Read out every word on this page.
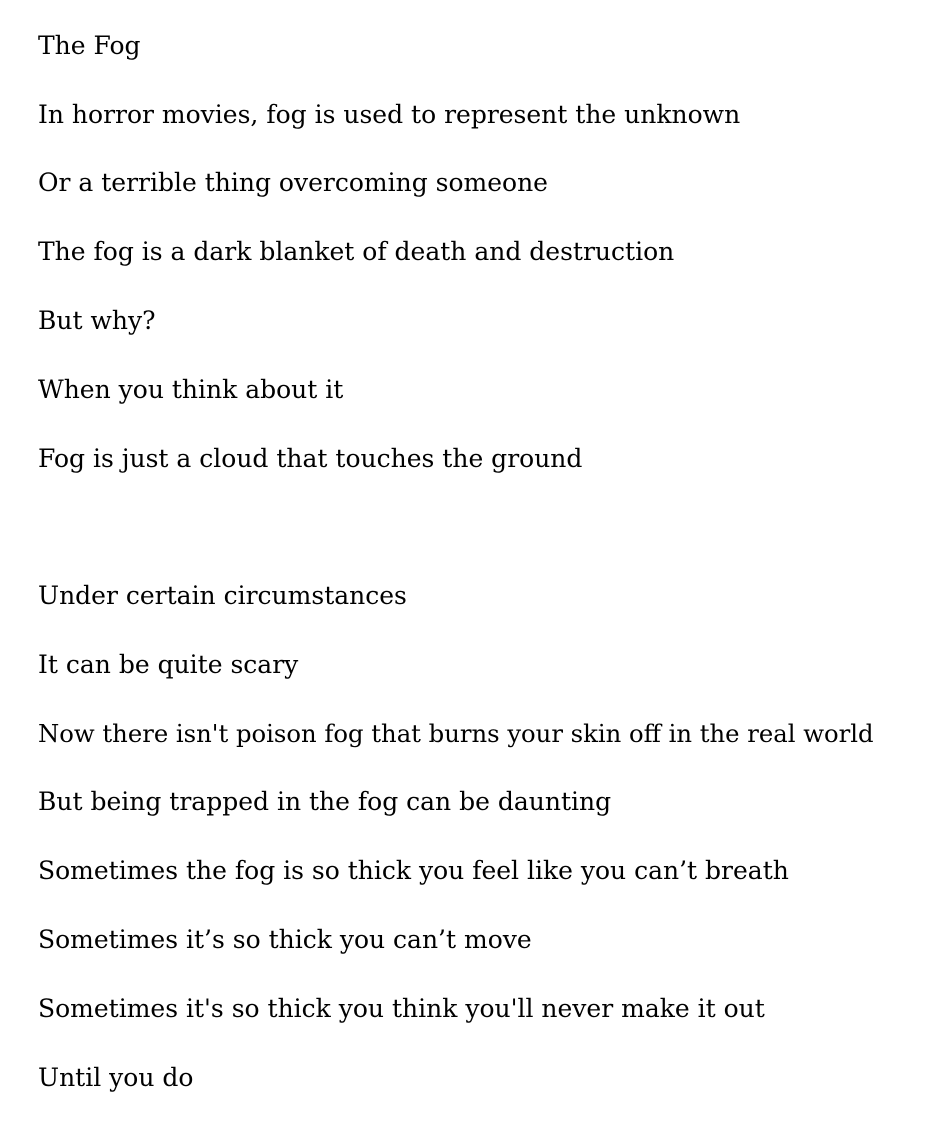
The Fog

In horror movies, fog is used to represent the unknown

Or a terrible thing overcoming someone

The fog is a dark blanket of death and destruction

But why?

When you think about it

Fog is just a cloud that touches the ground

Under certain circumstances

It can be quite scary

Now there isn't poison fog that burns your skin off in the real world

But being trapped in the fog can be daunting

Sometimes the fog is so thick you feel like you can’t breath

Sometimes it’s so thick you can’t move

Sometimes it's so thick you think you'll never make it out

Until you do
